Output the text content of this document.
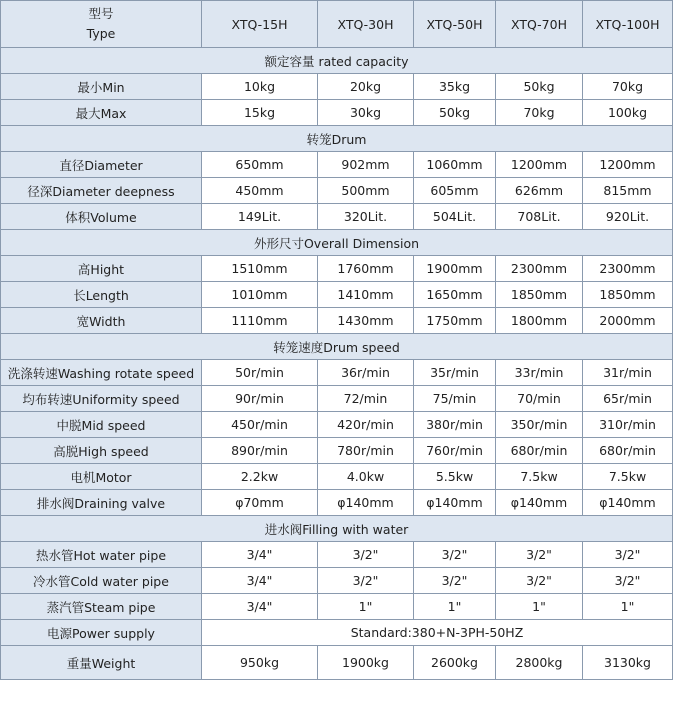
型号
Type	XTQ-15H	XTQ-30H	XTQ-50H	XTQ-70H	XTQ-100H
额定容量 rated capacity					
最小Min	10kg	20kg	35kg	50kg	70kg
最大Max	15kg	30kg	50kg	70kg	100kg
转笼Drum					
直径Diameter	650mm	902mm	1060mm	1200mm	1200mm
径深Diameter deepness	450mm	500mm	605mm	626mm	815mm
体积Volume	149Lit.	320Lit.	504Lit.	708Lit.	920Lit.
外形尺寸Overall Dimension					
高Hight	1510mm	1760mm	1900mm	2300mm	2300mm
长Length	1010mm	1410mm	1650mm	1850mm	1850mm
宽Width	1110mm	1430mm	1750mm	1800mm	2000mm
转笼速度Drum speed					
洗涤转速Washing rotate speed	50r/min	36r/min	35r/min	33r/min	31r/min
均布转速Uniformity speed	90r/min	72/min	75/min	70/min	65r/min
中脱Mid speed	450r/min	420r/min	380r/min	350r/min	310r/min
高脱High speed	890r/min	780r/min	760r/min	680r/min	680r/min
电机Motor	2.2kw	4.0kw	5.5kw	7.5kw	7.5kw
排水阀Draining valve	φ70mm	φ140mm	φ140mm	φ140mm	φ140mm
进水阀Filling with water					
热水管Hot water pipe	3/4"	3/2"	3/2"	3/2"	3/2"
冷水管Cold water pipe	3/4"	3/2"	3/2"	3/2"	3/2"
蒸汽管Steam pipe	3/4"	1"	1"	1"	1"
电源Power supply	Standard:380+N-3PH-50HZ				
重量Weight	950kg	1900kg	2600kg	2800kg	3130kg
